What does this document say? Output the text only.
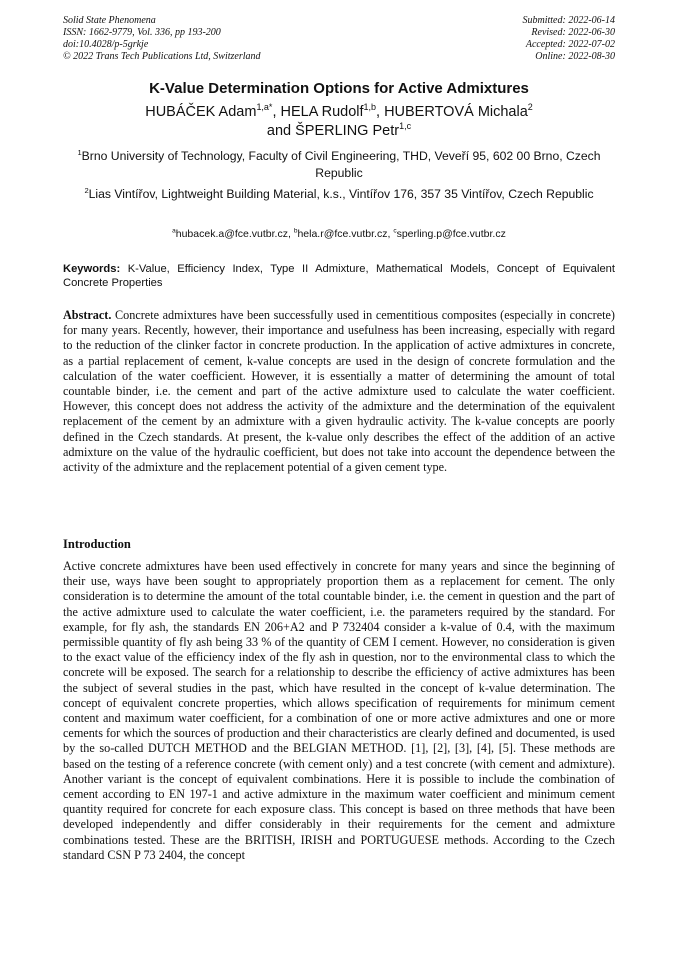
Solid State Phenomena
ISSN: 1662-9779, Vol. 336, pp 193-200
doi:10.4028/p-5grkje
© 2022 Trans Tech Publications Ltd, Switzerland
Submitted: 2022-06-14
Revised: 2022-06-30
Accepted: 2022-07-02
Online: 2022-08-30
K-Value Determination Options for Active Admixtures
HUBÁČEK Adam$^{1,a*}$, HELA Rudolf$^{1,b}$, HUBERTOVÁ Michala$^2$
and ŠPERLING Petr$^{1,c}$
$^1$Brno University of Technology, Faculty of Civil Engineering, THD, Veveří 95, 602 00 Brno, Czech Republic
$^2$Lias Vintířov, Lightweight Building Material, k.s., Vintířov 176, 357 35 Vintířov, Czech Republic
$^a$hubacek.a@fce.vutbr.cz, $^b$hela.r@fce.vutbr.cz, $^c$sperling.p@fce.vutbr.cz
Keywords: K-Value, Efficiency Index, Type II Admixture, Mathematical Models, Concept of Equivalent Concrete Properties
Abstract. Concrete admixtures have been successfully used in cementitious composites (especially in concrete) for many years. Recently, however, their importance and usefulness has been increasing, especially with regard to the reduction of the clinker factor in concrete production. In the application of active admixtures in concrete, as a partial replacement of cement, k-value concepts are used in the design of concrete formulation and the calculation of the water coefficient. However, it is essentially a matter of determining the amount of total countable binder, i.e. the cement and part of the active admixture used to calculate the water coefficient. However, this concept does not address the activity of the admixture and the determination of the equivalent replacement of the cement by an admixture with a given hydraulic activity. The k-value concepts are poorly defined in the Czech standards. At present, the k-value only describes the effect of the addition of an active admixture on the value of the hydraulic coefficient, but does not take into account the dependence between the activity of the admixture and the replacement potential of a given cement type.
Introduction
Active concrete admixtures have been used effectively in concrete for many years and since the beginning of their use, ways have been sought to appropriately proportion them as a replacement for cement. The only consideration is to determine the amount of the total countable binder, i.e. the cement in question and the part of the active admixture used to calculate the water coefficient, i.e. the parameters required by the standard. For example, for fly ash, the standards EN 206+A2 and P 732404 consider a k-value of 0.4, with the maximum permissible quantity of fly ash being 33 % of the quantity of CEM I cement. However, no consideration is given to the exact value of the efficiency index of the fly ash in question, nor to the environmental class to which the concrete will be exposed. The search for a relationship to describe the efficiency of active admixtures has been the subject of several studies in the past, which have resulted in the concept of k-value determination. The concept of equivalent concrete properties, which allows specification of requirements for minimum cement content and maximum water coefficient, for a combination of one or more active admixtures and one or more cements for which the sources of production and their characteristics are clearly defined and documented, is used by the so-called DUTCH METHOD and the BELGIAN METHOD. [1], [2], [3], [4], [5]. These methods are based on the testing of a reference concrete (with cement only) and a test concrete (with cement and admixture). Another variant is the concept of equivalent combinations. Here it is possible to include the combination of cement according to EN 197-1 and active admixture in the maximum water coefficient and minimum cement quantity required for concrete for each exposure class. This concept is based on three methods that have been developed independently and differ considerably in their requirements for the cement and admixture combinations tested. These are the BRITISH, IRISH and PORTUGUESE methods. According to the Czech standard CSN P 73 2404, the concept
